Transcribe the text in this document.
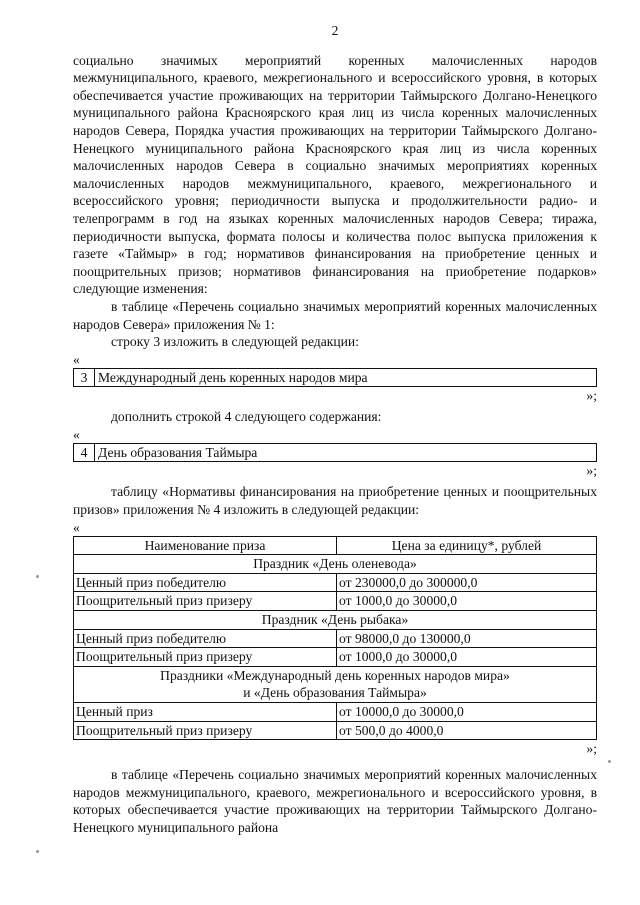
2
социально значимых мероприятий коренных малочисленных народов межмуниципального, краевого, межрегионального и всероссийского уровня, в которых обеспечивается участие проживающих на территории Таймырского Долгано-Ненецкого муниципального района Красноярского края лиц из числа коренных малочисленных народов Севера, Порядка участия проживающих на территории Таймырского Долгано-Ненецкого муниципального района Красноярского края лиц из числа коренных малочисленных народов Севера в социально значимых мероприятиях коренных малочисленных народов межмуниципального, краевого, межрегионального и всероссийского уровня; периодичности выпуска и продолжительности радио- и телепрограмм в год на языках коренных малочисленных народов Севера; тиража, периодичности выпуска, формата полосы и количества полос выпуска приложения к газете «Таймыр» в год; нормативов финансирования на приобретение ценных и поощрительных призов; нормативов финансирования на приобретение подарков» следующие изменения:
в таблице «Перечень социально значимых мероприятий коренных малочисленных народов Севера» приложения № 1:
строку 3 изложить в следующей редакции:
«
3	Международный день коренных народов мира
»;
дополнить строкой 4 следующего содержания:
«
4	День образования Таймыра
»;
таблицу «Нормативы финансирования на приобретение ценных и поощрительных призов» приложения № 4 изложить в следующей редакции:
«
Наименование приза	Цена за единицу*, рублей
Праздник «День оленевода»	
Ценный приз победителю	от 230000,0 до 300000,0
Поощрительный приз призеру	от 1000,0 до 30000,0
Праздник «День рыбака»	
Ценный приз победителю	от 98000,0 до 130000,0
Поощрительный приз призеру	от 1000,0 до 30000,0

Праздники «Международный день коренных народов мира»
и «День образования Таймыра»	

Ценный приз	от 10000,0 до 30000,0
Поощрительный приз призеру	от 500,0 до 4000,0
»;
в таблице «Перечень социально значимых мероприятий коренных малочисленных народов межмуниципального, краевого, межрегионального и всероссийского уровня, в которых обеспечивается участие проживающих на территории Таймырского Долгано-Ненецкого муниципального района
